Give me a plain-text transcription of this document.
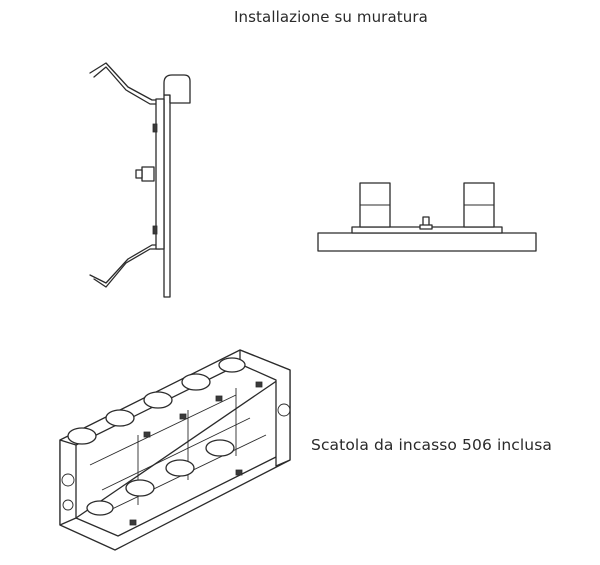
Installazione su muratura
Scatola da incasso 506 inclusa
